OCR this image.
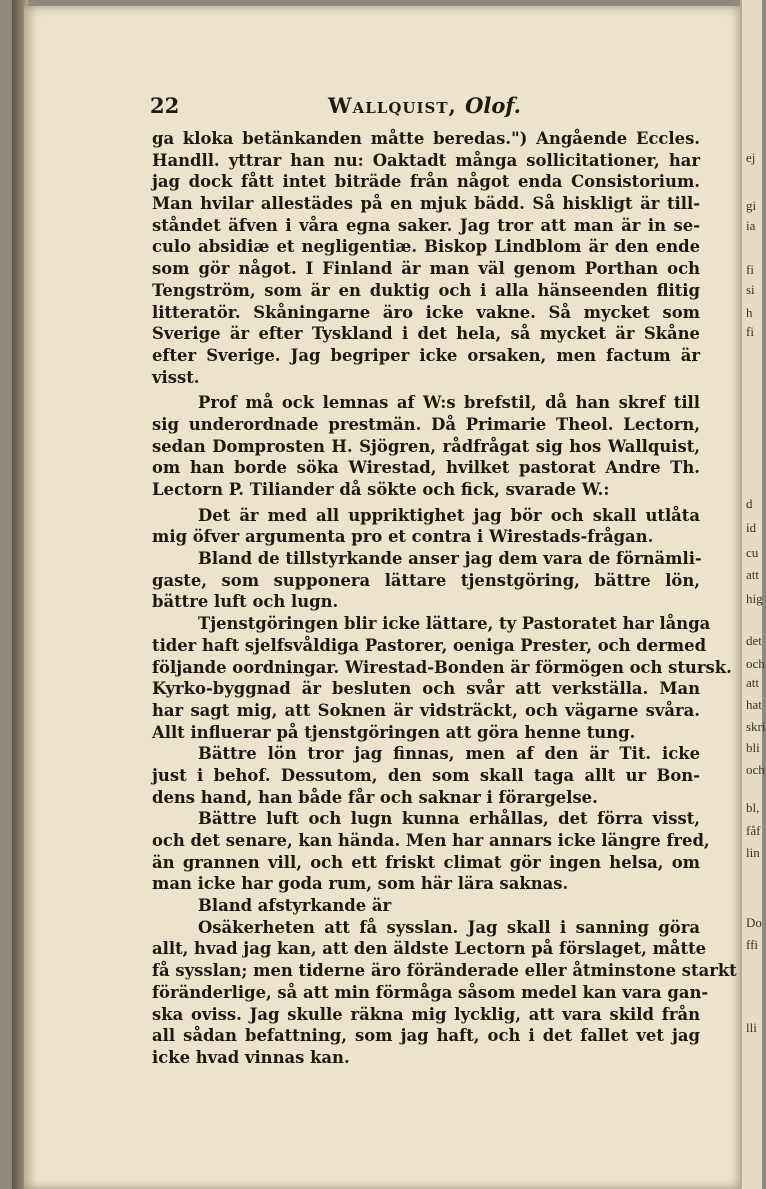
ej
gi
ia
fi
si
h
fi
d
id
cu
att
hig
det
och
att
hat
skri
bli
och
bl,
fåf
lin
Do
ffi
lli
22	Wallquist, Olof.
ga kloka betänkanden måtte beredas.") Angående Eccles.
Handll. yttrar han nu: Oaktadt många sollicitationer, har
jag dock fått intet biträde från något enda Consistorium.
Man hvilar allestädes på en mjuk bädd. Så hiskligt är till-
ståndet äfven i våra egna saker. Jag tror att man är in se-
culo absidiæ et negligentiæ. Biskop Lindblom är den ende
som gör något. I Finland är man väl genom Porthan och
Tengström, som är en duktig och i alla hänseenden flitig
litteratör. Skåningarne äro icke vakne. Så mycket som
Sverige är efter Tyskland i det hela, så mycket är Skåne
efter Sverige. Jag begriper icke orsaken, men factum är
visst.
Prof må ock lemnas af W:s brefstil, då han skref till
sig underordnade prestmän. Då Primarie Theol. Lectorn,
sedan Domprosten H. Sjögren, rådfrågat sig hos Wallquist,
om han borde söka Wirestad, hvilket pastorat Andre Th.
Lectorn P. Tiliander då sökte och fick, svarade W.:
Det är med all uppriktighet jag bör och skall utlåta
mig öfver argumenta pro et contra i Wirestads-frågan.
Bland de tillstyrkande anser jag dem vara de förnämli-
gaste, som supponera lättare tjenstgöring, bättre lön,
bättre luft och lugn.
Tjenstgöringen blir icke lättare, ty Pastoratet har långa
tider haft sjelfsvåldiga Pastorer, oeniga Prester, och dermed
följande oordningar. Wirestad-Bonden är förmögen och stursk.
Kyrko-byggnad är besluten och svår att verkställa. Man
har sagt mig, att Soknen är vidsträckt, och vägarne svåra.
Allt influerar på tjenstgöringen att göra henne tung.
Bättre lön tror jag finnas, men af den är Tit. icke
just i behof. Dessutom, den som skall taga allt ur Bon-
dens hand, han både får och saknar i förargelse.
Bättre luft och lugn kunna erhållas, det förra visst,
och det senare, kan hända. Men har annars icke längre fred,
än grannen vill, och ett friskt climat gör ingen helsa, om
man icke har goda rum, som här lära saknas.
Bland afstyrkande är
Osäkerheten att få sysslan. Jag skall i sanning göra
allt, hvad jag kan, att den äldste Lectorn på förslaget, måtte
få sysslan; men tiderne äro föränderade eller åtminstone starkt
föränderlige, så att min förmåga såsom medel kan vara gan-
ska oviss. Jag skulle räkna mig lycklig, att vara skild från
all sådan befattning, som jag haft, och i det fallet vet jag
icke hvad vinnas kan.
